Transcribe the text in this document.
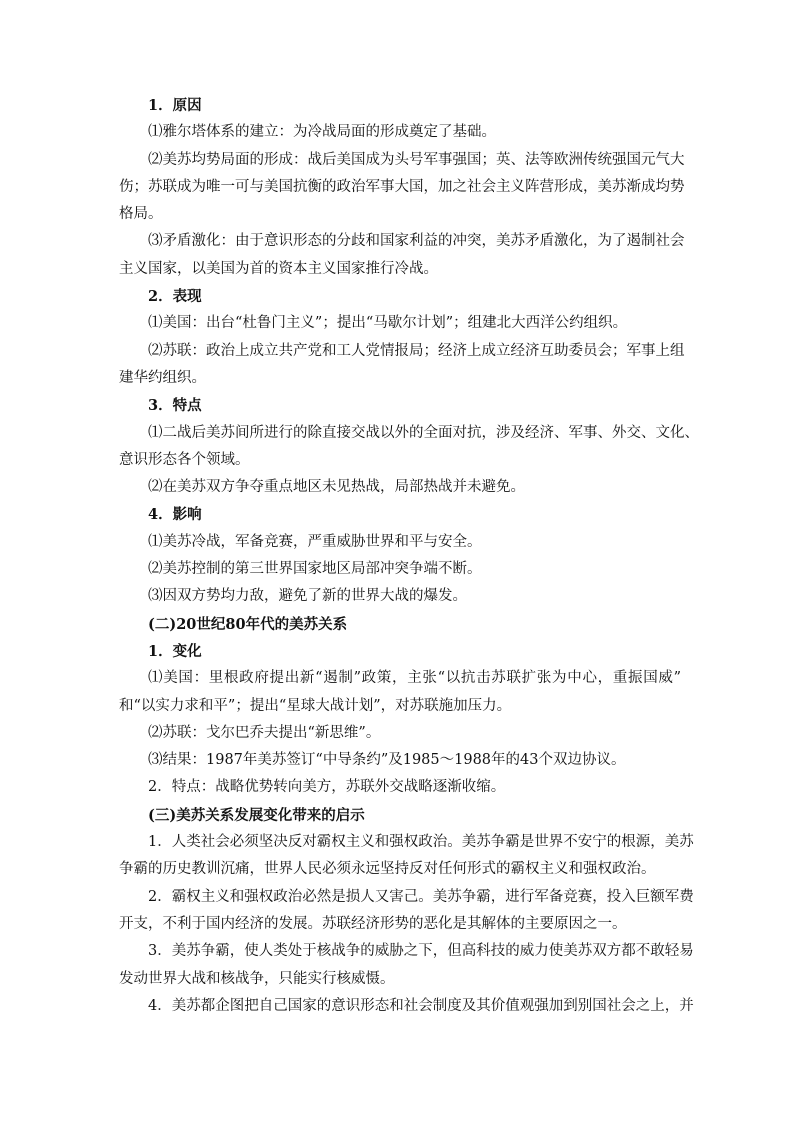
1．原因
⑴雅尔塔体系的建立：为冷战局面的形成奠定了基础。
⑵美苏均势局面的形成：战后美国成为头号军事强国；英、法等欧洲传统强国元气大
伤；苏联成为唯一可与美国抗衡的政治军事大国，加之社会主义阵营形成，美苏渐成均势
格局。
⑶矛盾激化：由于意识形态的分歧和国家利益的冲突，美苏矛盾激化，为了遏制社会
主义国家，以美国为首的资本主义国家推行冷战。
2．表现
⑴美国：出台“杜鲁门主义”；提出“马歇尔计划”；组建北大西洋公约组织。
⑵苏联：政治上成立共产党和工人党情报局；经济上成立经济互助委员会；军事上组
建华约组织。
3．特点
⑴二战后美苏间所进行的除直接交战以外的全面对抗，涉及经济、军事、外交、文化、
意识形态各个领域。
⑵在美苏双方争夺重点地区未见热战，局部热战并未避免。
4．影响
⑴美苏冷战，军备竞赛，严重威胁世界和平与安全。
⑵美苏控制的第三世界国家地区局部冲突争端不断。
⑶因双方势均力敌，避免了新的世界大战的爆发。
(二)20世纪80年代的美苏关系
1．变化
⑴美国：里根政府提出新“遏制”政策，主张“以抗击苏联扩张为中心，重振国威”
和“以实力求和平”；提出“星球大战计划”，对苏联施加压力。
⑵苏联：戈尔巴乔夫提出“新思维”。
⑶结果：1987年美苏签订“中导条约”及1985～1988年的43个双边协议。
2．特点：战略优势转向美方，苏联外交战略逐渐收缩。
(三)美苏关系发展变化带来的启示
1．人类社会必须坚决反对霸权主义和强权政治。美苏争霸是世界不安宁的根源，美苏
争霸的历史教训沉痛，世界人民必须永远坚持反对任何形式的霸权主义和强权政治。
2．霸权主义和强权政治必然是损人又害己。美苏争霸，进行军备竞赛，投入巨额军费
开支，不利于国内经济的发展。苏联经济形势的恶化是其解体的主要原因之一。
3．美苏争霸，使人类处于核战争的威胁之下，但高科技的威力使美苏双方都不敢轻易
发动世界大战和核战争，只能实行核威慑。
4．美苏都企图把自己国家的意识形态和社会制度及其价值观强加到别国社会之上，并
